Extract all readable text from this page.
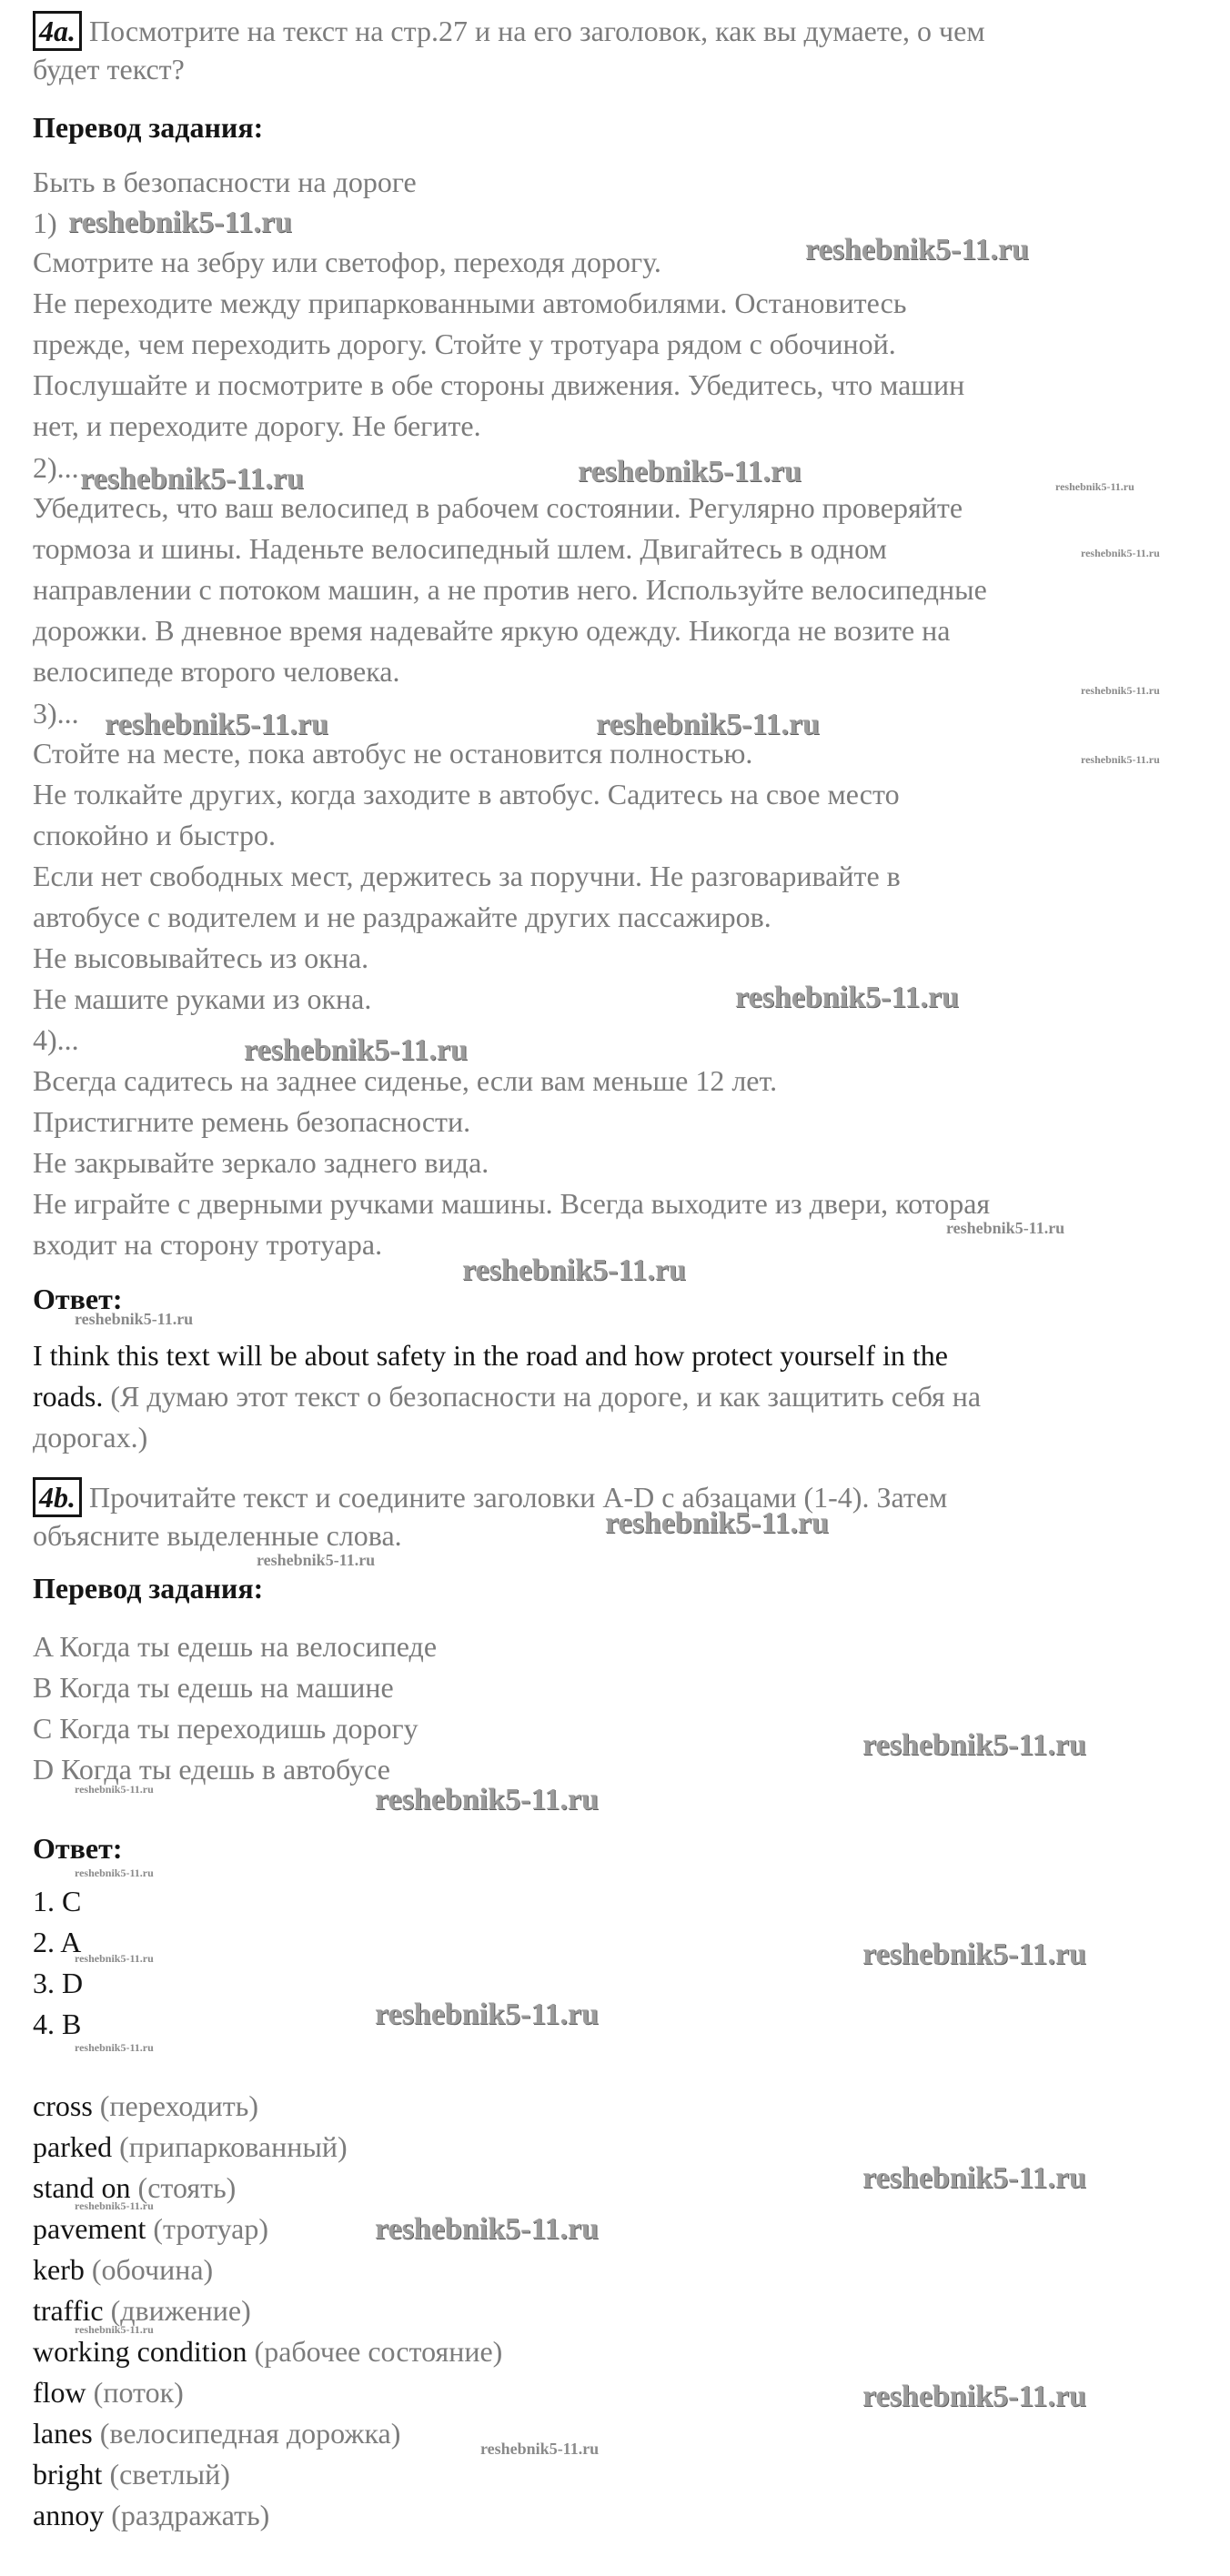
4a. Посмотрите на текст на стр.27 и на его заголовок, как вы думаете, о чем
будет текст?
Перевод задания:
Быть в безопасности на дороге
1)
Смотрите на зебру или светофор, переходя дорогу.
Не переходите между припаркованными автомобилями. Остановитесь
прежде, чем переходить дорогу. Стойте у тротуара рядом с обочиной.
Послушайте и посмотрите в обе стороны движения. Убедитесь, что машин
нет, и переходите дорогу. Не бегите.
2)...
Убедитесь, что ваш велосипед в рабочем состоянии. Регулярно проверяйте
тормоза и шины. Наденьте велосипедный шлем. Двигайтесь в одном
направлении с потоком машин, а не против него. Используйте велосипедные
дорожки. В дневное время надевайте яркую одежду. Никогда не возите на
велосипеде второго человека.
3)...
Стойте на месте, пока автобус не остановится полностью.
Не толкайте других, когда заходите в автобус. Садитесь на свое место
спокойно и быстро.
Если нет свободных мест, держитесь за поручни. Не разговаривайте в
автобусе с водителем и не раздражайте других пассажиров.
Не высовывайтесь из окна.
Не машите руками из окна.
4)...
Всегда садитесь на заднее сиденье, если вам меньше 12 лет.
Пристигните ремень безопасности.
Не закрывайте зеркало заднего вида.
Не играйте с дверными ручками машины. Всегда выходите из двери, которая
входит на сторону тротуара.
Ответ:
I think this text will be about safety in the road and how protect yourself in the
roads. (Я думаю этот текст о безопасности на дороге, и как защитить себя на
дорогах.)
4b. Прочитайте текст и соедините заголовки A-D с абзацами (1-4). Затем
объясните выделенные слова.
Перевод задания:
A Когда ты едешь на велосипеде
B Когда ты едешь на машине
C Когда ты переходишь дорогу
D Когда ты едешь в автобусе
Ответ:
1. C
2. A
3. D
4. B
cross (переходить)
parked (припаркованный)
stand on (стоять)
pavement (тротуар)
kerb (обочина)
traffic (движение)
working condition (рабочее состояние)
flow (поток)
lanes (велосипедная дорожка)
bright (светлый)
annoy (раздражать)
reshebnik5-11.ru
reshebnik5-11.ru
reshebnik5-11.ru	reshebnik5-11.ru	reshebnik5-11.ru
reshebnik5-11.ru
reshebnik5-11.ru
reshebnik5-11.ru	reshebnik5-11.ru
reshebnik5-11.ru
reshebnik5-11.ru
reshebnik5-11.ru
reshebnik5-11.ru
reshebnik5-11.ru
reshebnik5-11.ru
reshebnik5-11.ru
reshebnik5-11.ru
reshebnik5-11.ru
reshebnik5-11.ru	reshebnik5-11.ru
reshebnik5-11.ru
reshebnik5-11.ru
reshebnik5-11.ru
reshebnik5-11.ru
reshebnik5-11.ru
reshebnik5-11.ru
reshebnik5-11.ru
reshebnik5-11.ru
reshebnik5-11.ru
reshebnik5-11.ru
reshebnik5-11.ru
